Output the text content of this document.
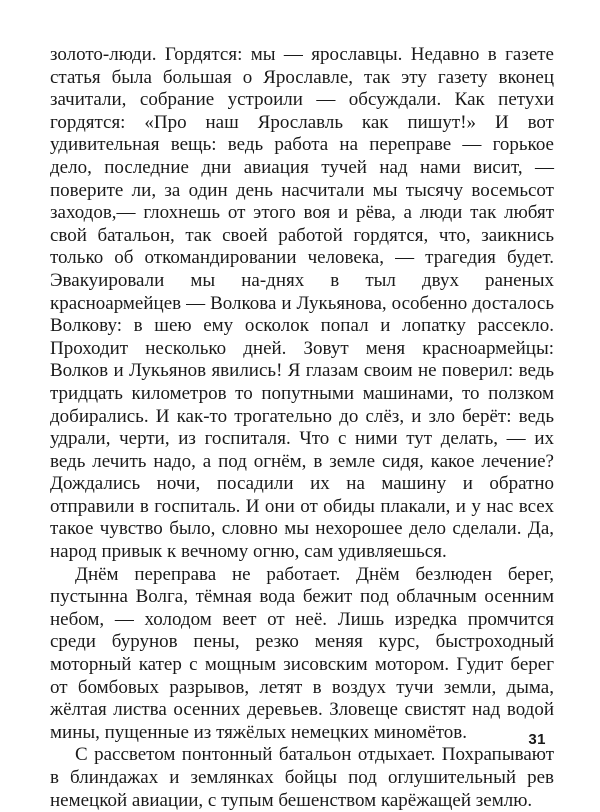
золото-люди. Гордятся: мы — ярославцы. Недавно в газете статья была большая о Ярославле, так эту газету вконец зачитали, собрание устроили — обсуждали. Как петухи гордятся: «Про наш Ярославль как пишут!» И вот удивительная вещь: ведь работа на переправе — горькое дело, последние дни авиация тучей над нами висит, — поверите ли, за один день насчитали мы тысячу восемьсот заходов,— глохнешь от этого воя и рёва, а люди так любят свой батальон, так своей работой гордятся, что, заикнись только об откомандировании человека, — трагедия будет. Эвакуировали мы на-днях в тыл двух раненых красноармейцев — Волкова и Лукьянова, особенно досталось Волкову: в шею ему осколок попал и лопатку рассекло. Проходит несколько дней. Зовут меня красноармейцы: Волков и Лукьянов явились! Я глазам своим не поверил: ведь тридцать километров то попутными машинами, то ползком добирались. И как-то трогательно до слёз, и зло берёт: ведь удрали, черти, из госпиталя. Что с ними тут делать, — их ведь лечить надо, а под огнём, в земле сидя, какое лечение? Дождались ночи, посадили их на машину и обратно отправили в госпиталь. И они от обиды плакали, и у нас всех такое чувство было, словно мы нехорошее дело сделали. Да, народ привык к вечному огню, сам удивляешься.

Днём переправа не работает. Днём безлюден берег, пустынна Волга, тёмная вода бежит под облачным осенним небом, — холодом веет от неё. Лишь изредка промчится среди бурунов пены, резко меняя курс, быстроходный моторный катер с мощным зисовским мотором. Гудит берег от бомбовых разрывов, летят в воздух тучи земли, дыма, жёлтая листва осенних деревьев. Зловеще свистят над водой мины, пущенные из тяжёлых немецких миномётов.

С рассветом понтонный батальон отдыхает. Похрапывают в блиндажах и землянках бойцы под оглушительный рев немецкой авиации, с тупым бешенством карёжащей землю.

31
